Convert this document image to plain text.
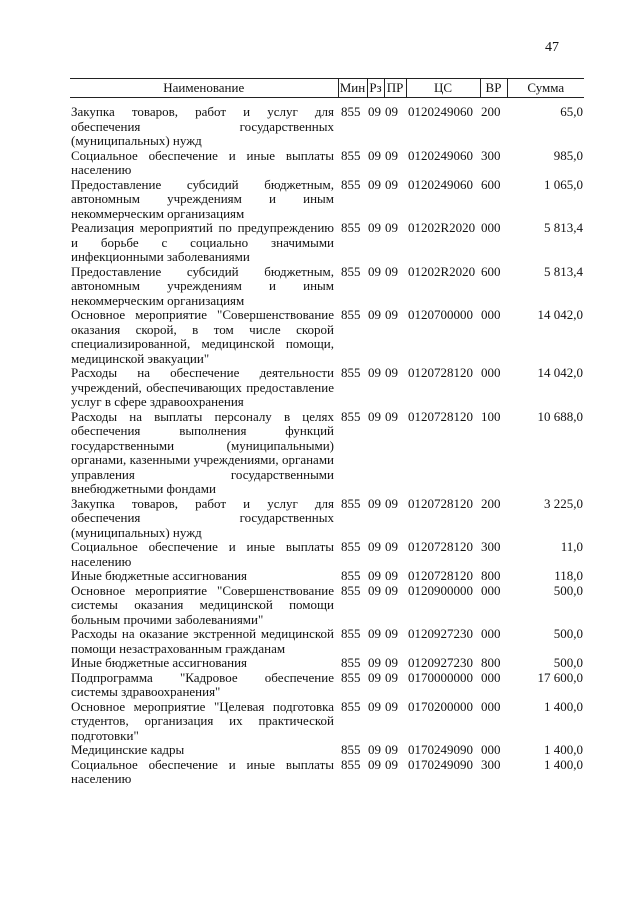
47
Наименование	Мин	Рз	ПР	ЦС	ВР	Сумма
Закупка товаров, работ и услуг для обеспечения государственных (муниципальных) нужд	855	09	09	0120249060	200	65,0
Социальное обеспечение и иные выплаты населению	855	09	09	0120249060	300	985,0
Предоставление субсидий бюджетным, автономным учреждениям и иным некоммерческим организациям	855	09	09	0120249060	600	1 065,0
Реализация мероприятий по предупреждению и борьбе с социально значимыми инфекционными заболеваниями	855	09	09	01202R2020	000	5 813,4
Предоставление субсидий бюджетным, автономным учреждениям и иным некоммерческим организациям	855	09	09	01202R2020	600	5 813,4
Основное мероприятие "Совершенствование оказания скорой, в том числе скорой специализированной, медицинской помощи, медицинской эвакуации"	855	09	09	0120700000	000	14 042,0
Расходы на обеспечение деятельности учреждений, обеспечивающих предоставление услуг в сфере здравоохранения	855	09	09	0120728120	000	14 042,0
Расходы на выплаты персоналу в целях обеспечения выполнения функций государственными (муниципальными) органами, казенными учреждениями, органами управления государственными внебюджетными фондами	855	09	09	0120728120	100	10 688,0
Закупка товаров, работ и услуг для обеспечения государственных (муниципальных) нужд	855	09	09	0120728120	200	3 225,0
Социальное обеспечение и иные выплаты населению	855	09	09	0120728120	300	11,0
Иные бюджетные ассигнования	855	09	09	0120728120	800	118,0
Основное мероприятие "Совершенствование системы оказания медицинской помощи больным прочими заболеваниями"	855	09	09	0120900000	000	500,0
Расходы на оказание экстренной медицинской помощи незастрахованным гражданам	855	09	09	0120927230	000	500,0
Иные бюджетные ассигнования	855	09	09	0120927230	800	500,0
Подпрограмма "Кадровое обеспечение системы здравоохранения"	855	09	09	0170000000	000	17 600,0
Основное мероприятие "Целевая подготовка студентов, организация их практической подготовки"	855	09	09	0170200000	000	1 400,0
Медицинские кадры	855	09	09	0170249090	000	1 400,0
Социальное обеспечение и иные выплаты населению	855	09	09	0170249090	300	1 400,0
